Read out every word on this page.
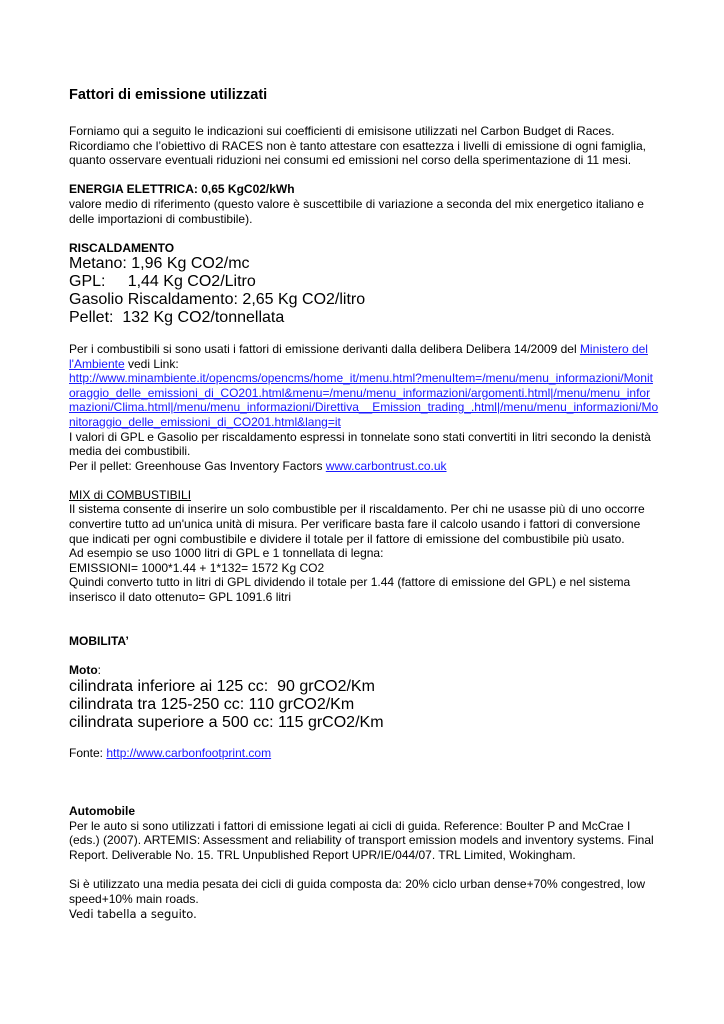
Fattori di emissione utilizzati

Forniamo qui a seguito le indicazioni sui coefficienti di emisisone utilizzati nel Carbon Budget di Races. Ricordiamo che l’obiettivo di RACES non è tanto attestare con esattezza i livelli di emissione di ogni famiglia, quanto osservare eventuali riduzioni nei consumi ed emissioni nel corso della sperimentazione di 11 mesi.

ENERGIA ELETTRICA: 0,65 KgC02/kWh

valore medio di riferimento (questo valore è suscettibile di variazione a seconda del mix energetico italiano e delle importazioni di combustibile).

RISCALDAMENTO

Metano: 1,96 Kg CO2/mc
GPL:     1,44 Kg CO2/Litro
Gasolio Riscaldamento: 2,65 Kg CO2/litro
Pellet:  132 Kg CO2/tonnellata

Per i combustibili si sono usati i fattori di emissione derivanti dalla delibera Delibera 14/2009 del Ministero dell'Ambiente vedi Link:

http://www.minambiente.it/opencms/opencms/home_it/menu.html?menuItem=/menu/menu_informazioni/Monitoraggio_delle_emissioni_di_CO201.html&menu=/menu/menu_informazioni/argomenti.html|/menu/menu_informazioni/Clima.html|/menu/menu_informazioni/Direttiva__Emission_trading_.html|/menu/menu_informazioni/Monitoraggio_delle_emissioni_di_CO201.html&lang=it

I valori di GPL e Gasolio per riscaldamento espressi in tonnelate sono stati convertiti in litri secondo la denistà media dei combustibili.

Per il pellet: Greenhouse Gas Inventory Factors www.carbontrust.co.uk

MIX di COMBUSTIBILI

Il sistema consente di inserire un solo combustible per il riscaldamento. Per chi ne usasse più di uno occorre convertire tutto ad un'unica unità di misura. Per verificare basta fare il calcolo usando i fattori di conversione que indicati per ogni combustibile e dividere il totale per il fattore di emissione del combustibile più usato.

Ad esempio se uso 1000 litri di GPL e 1 tonnellata di legna:

EMISSIONI= 1000*1.44 + 1*132= 1572 Kg CO2

Quindi converto tutto in litri di GPL dividendo il totale per 1.44 (fattore di emissione del GPL) e nel sistema inserisco il dato ottenuto= GPL 1091.6 litri

MOBILITA’

Moto:

cilindrata inferiore ai 125 cc:  90 grCO2/Km
cilindrata tra 125-250 cc: 110 grCO2/Km
cilindrata superiore a 500 cc: 115 grCO2/Km

Fonte: http://www.carbonfootprint.com

Automobile

Per le auto si sono utilizzati i fattori di emissione legati ai cicli di guida. Reference: Boulter P and McCrae I (eds.) (2007). ARTEMIS: Assessment and reliability of transport emission models and inventory systems. Final Report. Deliverable No. 15. TRL Unpublished Report UPR/IE/044/07. TRL Limited, Wokingham.

Si è utilizzato una media pesata dei cicli di guida composta da: 20% ciclo urban dense+70% congestred, low speed+10% main roads.

Vedi tabella a seguito.
